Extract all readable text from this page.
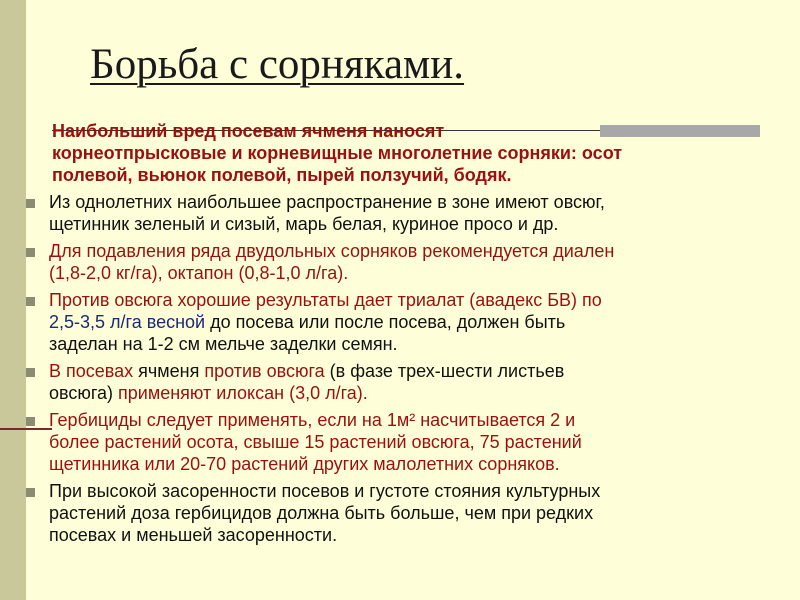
Борьба с сорняками.
Наибольший вред посевам ячменя наносят
корнеотпрысковые и корневищные многолетние сорняки: осот
полевой, вьюнок полевой, пырей ползучий, бодяк.
Из однолетних наибольшее распространение в зоне имеют овсюг,
щетинник зеленый и сизый, марь белая, куриное просо и др.
Для подавления ряда двудольных сорняков рекомендуется диален
(1,8-2,0 кг/га), октапон (0,8-1,0 л/га).
Против овсюга хорошие результаты дает триалат (авадекс БВ) по
2,5-3,5 л/га весной до посева или после посева, должен быть
заделан на 1-2 см мельче заделки семян.
В посевах ячменя против овсюга (в фазе трех-шести листьев
овсюга) применяют илоксан (3,0 л/га).
Гербициды следует применять, если на 1м² насчитывается 2 и
более растений осота, свыше 15 растений овсюга, 75 растений
щетинника или 20-70 растений других малолетних сорняков.
При высокой засоренности посевов и густоте стояния культурных
растений доза гербицидов должна быть больше, чем при редких
посевах и меньшей засоренности.
